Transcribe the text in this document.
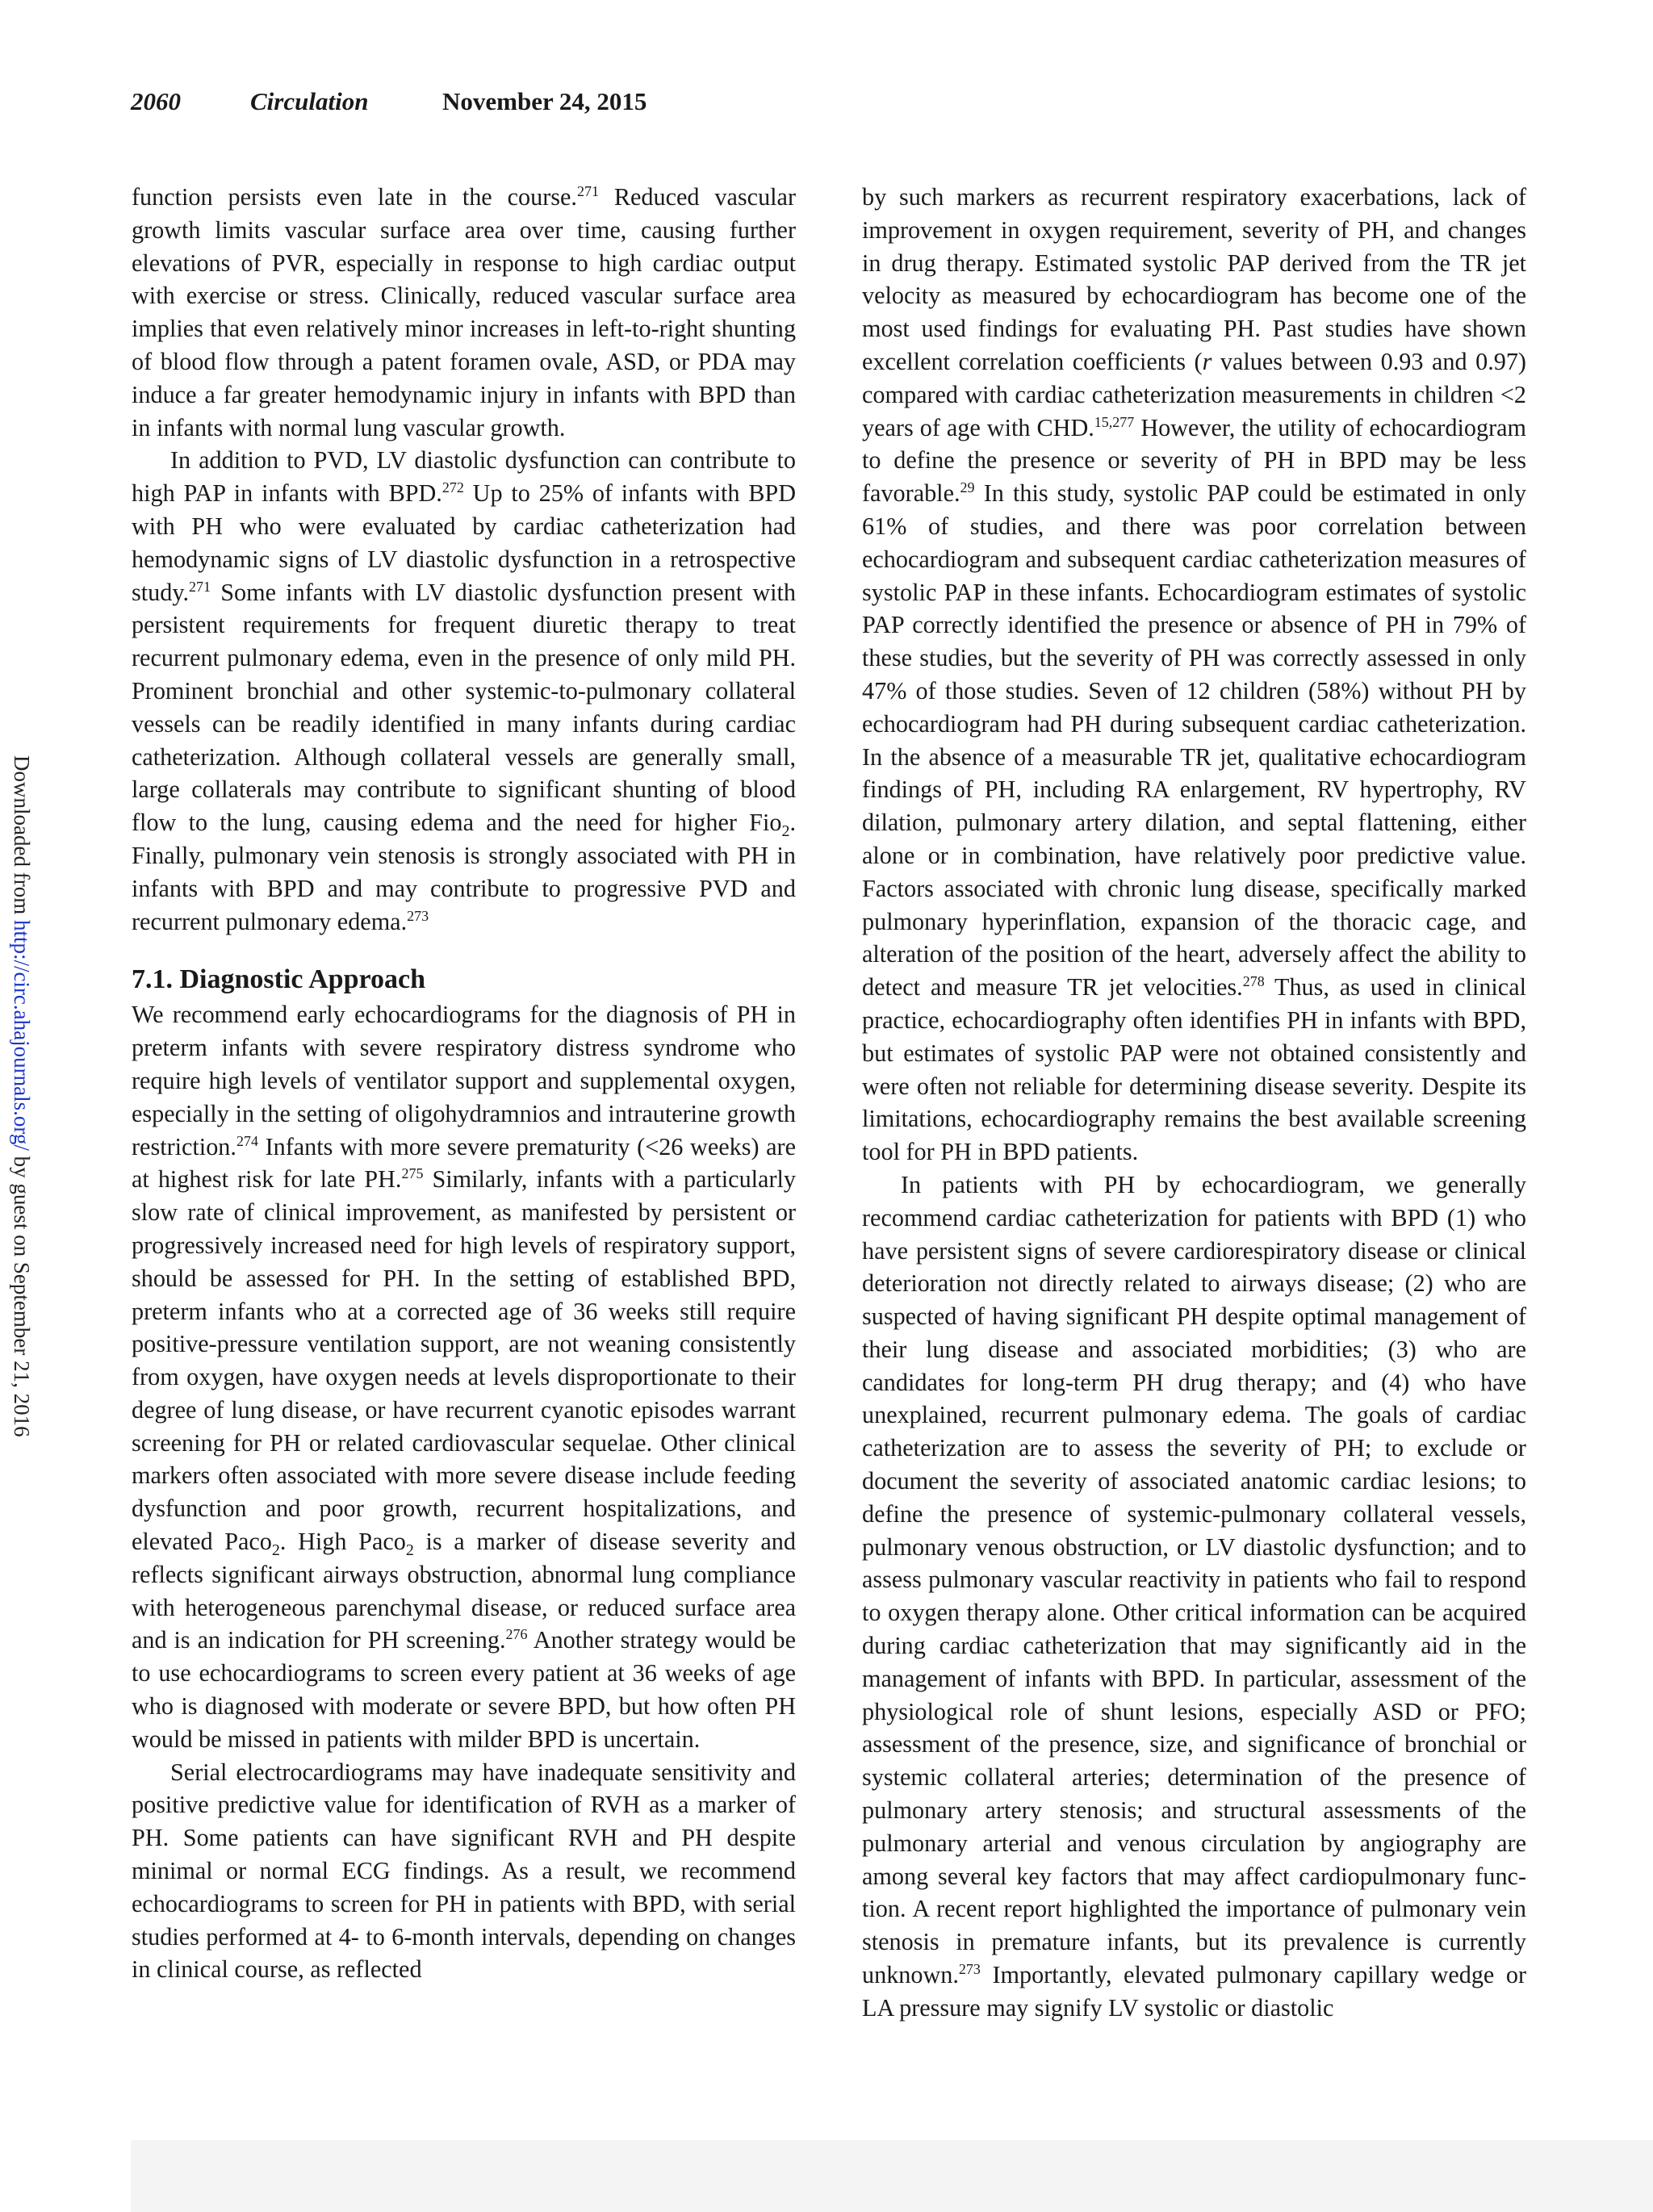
2060	Circulation	November 24, 2015
Downloaded from http://circ.ahajournals.org/ by guest on September 21, 2016

function persists even late in the course.$^{271}$ Reduced vascular growth limits vascular surface area over time, causing further elevations of PVR, especially in response to high cardiac output with exercise or stress. Clinically, reduced vascular surface area implies that even relatively minor increases in left-to-right shunting of blood flow through a patent foramen ovale, ASD, or PDA may induce a far greater hemodynamic injury in infants with BPD than in infants with normal lung vascular growth.

In addition to PVD, LV diastolic dysfunction can contribute to high PAP in infants with BPD.$^{272}$ Up to 25% of infants with BPD with PH who were evaluated by cardiac catheterization had hemodynamic signs of LV diastolic dysfunction in a retrospective study.$^{271}$ Some infants with LV diastolic dysfunction present with persistent requirements for frequent diuretic therapy to treat recurrent pulmonary edema, even in the presence of only mild PH. Prominent bronchial and other systemic-to-pulmonary collateral vessels can be readily identified in many infants during cardiac catheterization. Although collateral vessels are generally small, large collaterals may contribute to significant shunting of blood flow to the lung, causing edema and the need for higher Fio$_2$. Finally, pulmonary vein stenosis is strongly associated with PH in infants with BPD and may contribute to progressive PVD and recurrent pulmonary edema.$^{273}$

7.1. Diagnostic Approach

We recommend early echocardiograms for the diagnosis of PH in preterm infants with severe respiratory distress syndrome who require high levels of ventilator support and supplemental oxygen, especially in the setting of oligohydramnios and intrauterine growth restriction.$^{274}$ Infants with more severe prematurity (<26 weeks) are at highest risk for late PH.$^{275}$ Similarly, infants with a particularly slow rate of clinical improvement, as manifested by persistent or progressively increased need for high levels of respiratory support, should be assessed for PH. In the setting of established BPD, preterm infants who at a corrected age of 36 weeks still require positive-pressure ventilation support, are not weaning consistently from oxygen, have oxygen needs at levels disproportionate to their degree of lung disease, or have recurrent cyanotic episodes warrant screening for PH or related cardiovascular sequelae. Other clinical markers often associated with more severe disease include feeding dysfunction and poor growth, recurrent hospitalizations, and elevated Paco$_2$. High Paco$_2$ is a marker of disease severity and reflects significant airways obstruction, abnormal lung compliance with heterogeneous parenchymal disease, or reduced surface area and is an indication for PH screening.$^{276}$ Another strategy would be to use echocardiograms to screen every patient at 36 weeks of age who is diagnosed with moderate or severe BPD, but how often PH would be missed in patients with milder BPD is uncertain.

Serial electrocardiograms may have inadequate sensitivity and positive predictive value for identification of RVH as a marker of PH. Some patients can have significant RVH and PH despite minimal or normal ECG findings. As a result, we recommend echocardiograms to screen for PH in patients with BPD, with serial studies performed at 4- to 6-month intervals, depending on changes in clinical course, as reflected

by such markers as recurrent respiratory exacerbations, lack of improvement in oxygen requirement, severity of PH, and changes in drug therapy. Estimated systolic PAP derived from the TR jet velocity as measured by echocardiogram has become one of the most used findings for evaluating PH. Past studies have shown excellent correlation coefficients (r values between 0.93 and 0.97) compared with cardiac catheterization measurements in children <2 years of age with CHD.$^{15,277}$ However, the utility of echocardiogram to define the presence or severity of PH in BPD may be less favorable.$^{29}$ In this study, systolic PAP could be estimated in only 61% of studies, and there was poor correlation between echocardiogram and subsequent cardiac catheterization measures of systolic PAP in these infants. Echocardiogram estimates of systolic PAP correctly identified the presence or absence of PH in 79% of these studies, but the severity of PH was correctly assessed in only 47% of those studies. Seven of 12 children (58%) without PH by echocardiogram had PH during subsequent cardiac catheterization. In the absence of a measurable TR jet, qualitative echocardiogram findings of PH, including RA enlargement, RV hypertrophy, RV dilation, pulmonary artery dilation, and septal flattening, either alone or in combination, have relatively poor predictive value. Factors associated with chronic lung disease, specifically marked pulmonary hyperinflation, expansion of the thoracic cage, and alteration of the position of the heart, adversely affect the ability to detect and measure TR jet velocities.$^{278}$ Thus, as used in clinical practice, echocardiography often identifies PH in infants with BPD, but estimates of systolic PAP were not obtained consistently and were often not reliable for determining disease severity. Despite its limitations, echocardiography remains the best available screening tool for PH in BPD patients.

In patients with PH by echocardiogram, we generally recommend cardiac catheterization for patients with BPD (1) who have persistent signs of severe cardiorespiratory disease or clinical deterioration not directly related to airways disease; (2) who are suspected of having significant PH despite optimal management of their lung disease and associated morbidities; (3) who are candidates for long-term PH drug therapy; and (4) who have unexplained, recurrent pulmonary edema. The goals of cardiac catheterization are to assess the severity of PH; to exclude or document the severity of associated anatomic cardiac lesions; to define the presence of systemic-pulmonary collateral vessels, pulmonary venous obstruction, or LV diastolic dysfunction; and to assess pulmonary vascular reactivity in patients who fail to respond to oxygen therapy alone. Other critical information can be acquired during cardiac catheterization that may significantly aid in the management of infants with BPD. In particular, assessment of the physiological role of shunt lesions, especially ASD or PFO; assessment of the presence, size, and significance of bronchial or systemic collateral arteries; determination of the presence of pulmonary artery stenosis; and structural assessments of the pulmonary arterial and venous circulation by angiography are among several key factors that may affect cardiopulmonary function. A recent report highlighted the importance of pulmonary vein stenosis in premature infants, but its prevalence is currently unknown.$^{273}$ Importantly, elevated pulmonary capillary wedge or LA pressure may signify LV systolic or diastolic
